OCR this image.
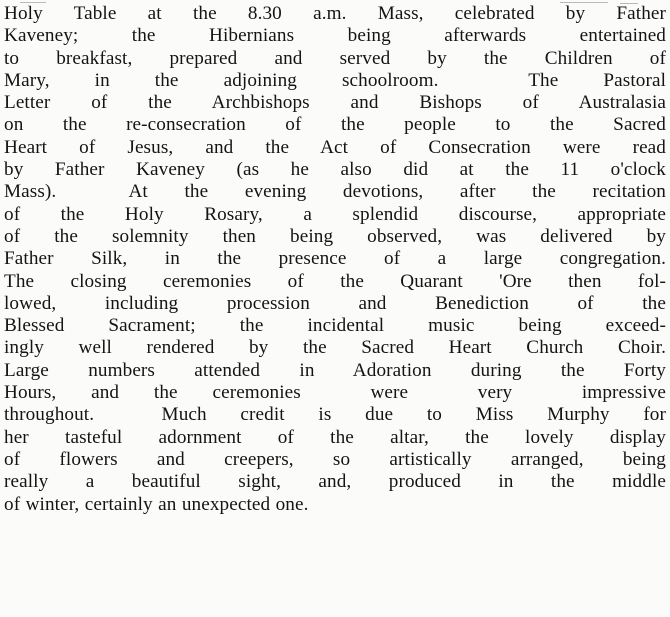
Holy Table at the 8.30 a.m. Mass, celebrated by Father
Kaveney; the Hibernians being afterwards entertained
to breakfast, prepared and served by the Children of
Mary, in the adjoining schoolroom.  The Pastoral
Letter of the Archbishops and Bishops of Australasia
on the re-consecration of the people to the Sacred
Heart of Jesus, and the Act of Consecration were read
by Father Kaveney (as he also did at the 11 o'clock
Mass).  At the evening devotions, after the recitation
of the Holy Rosary, a splendid discourse, appropriate
of the solemnity then being observed, was delivered by
Father Silk, in the presence of a large congregation.
The closing ceremonies of the Quarant 'Ore then fol-
lowed, including procession and Benediction of the
Blessed Sacrament; the incidental music being exceed-
ingly well rendered by the Sacred Heart Church Choir.
Large numbers attended in Adoration during the Forty
Hours, and the ceremonies  were  very  impressive
throughout.  Much credit is due to Miss Murphy for
her tasteful adornment of the altar, the lovely display
of flowers and creepers, so artistically arranged, being
really a beautiful sight, and, produced in the middle
of winter, certainly an unexpected one.
